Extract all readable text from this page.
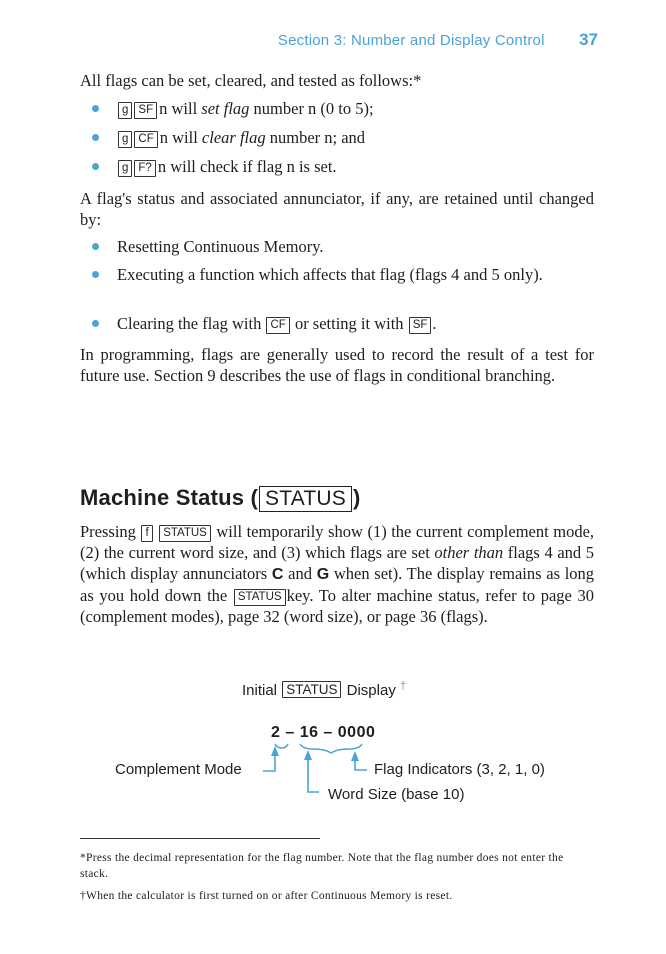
Section 3: Number and Display Control 37
All flags can be set, cleared, and tested as follows:*
g SF n will set flag number n (0 to 5);
g CF n will clear flag number n; and
g F? n will check if flag n is set.
A flag's status and associated annunciator, if any, are retained until changed by:
Resetting Continuous Memory.
Executing a function which affects that flag (flags 4 and 5 only).
Clearing the flag with CF or setting it with SF .
In programming, flags are generally used to record the result of a test for future use. Section 9 describes the use of flags in conditional branching.
Machine Status ( STATUS )
Pressing f STATUS will temporarily show (1) the current complement mode, (2) the current word size, and (3) which flags are set other than flags 4 and 5 (which display annunciators C and G when set). The display remains as long as you hold down the STATUS key. To alter machine status, refer to page 30 (complement modes), page 32 (word size), or page 36 (flags).
Initial STATUS Display †
2 – 16 – 0000
Complement Mode	Flag Indicators (3, 2, 1, 0)
Word Size (base 10)
*Press the decimal representation for the flag number. Note that the flag number does not enter the stack.
†When the calculator is first turned on or after Continuous Memory is reset.
